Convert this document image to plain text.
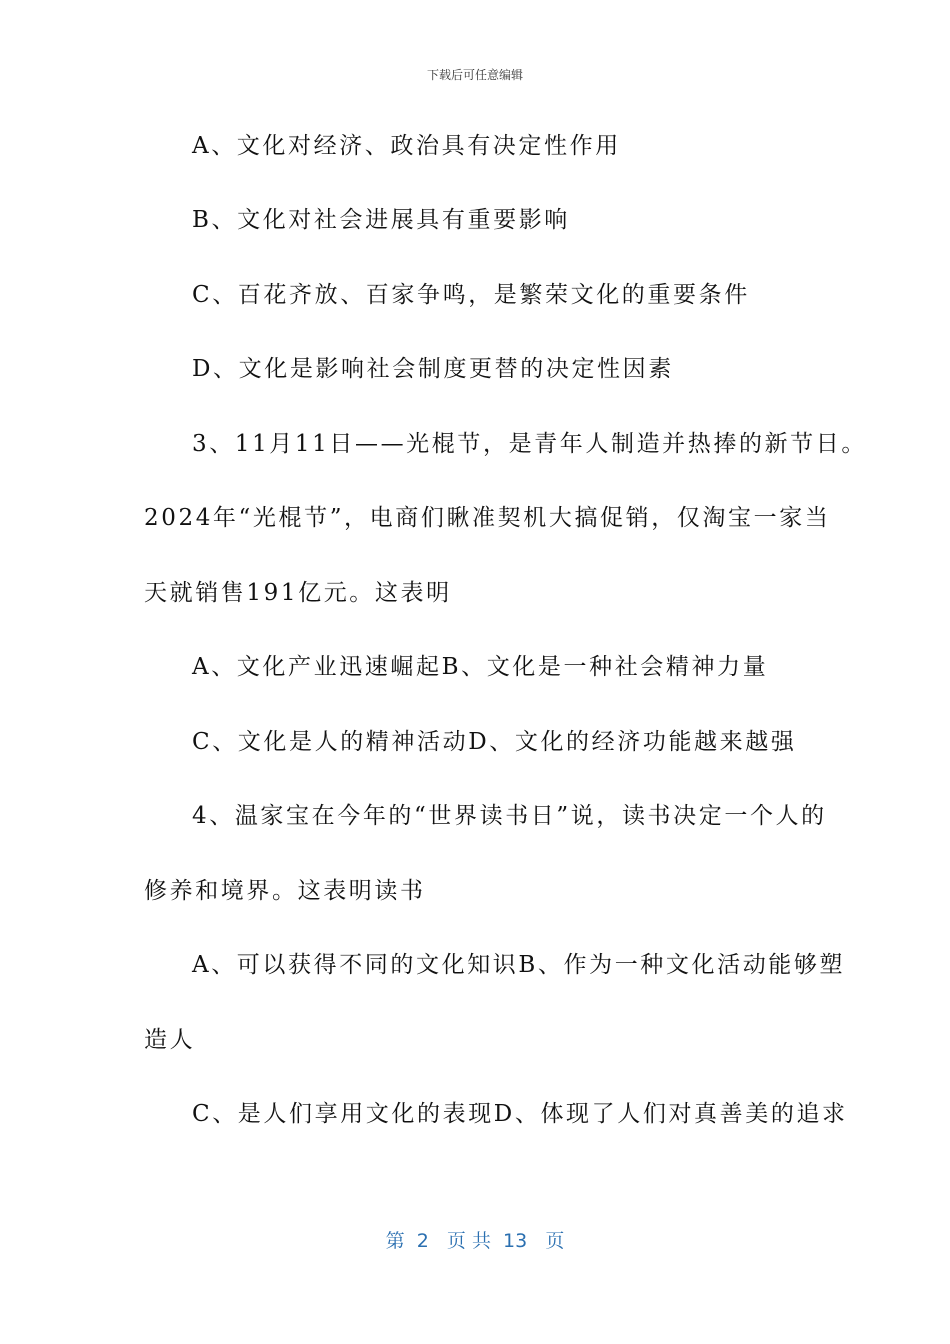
下载后可任意编辑
A、文化对经济、政治具有决定性作用
B、文化对社会进展具有重要影响
C、百花齐放、百家争鸣，是繁荣文化的重要条件
D、文化是影响社会制度更替的决定性因素
3、11月11日——光棍节，是青年人制造并热捧的新节日。
2024年“光棍节”，电商们瞅准契机大搞促销，仅淘宝一家当
天就销售191亿元。这表明
A、文化产业迅速崛起B、文化是一种社会精神力量
C、文化是人的精神活动D、文化的经济功能越来越强
4、温家宝在今年的“世界读书日”说，读书决定一个人的
修养和境界。这表明读书
A、可以获得不同的文化知识B、作为一种文化活动能够塑
造人
C、是人们享用文化的表现D、体现了人们对真善美的追求
第  2   页 共  13   页
